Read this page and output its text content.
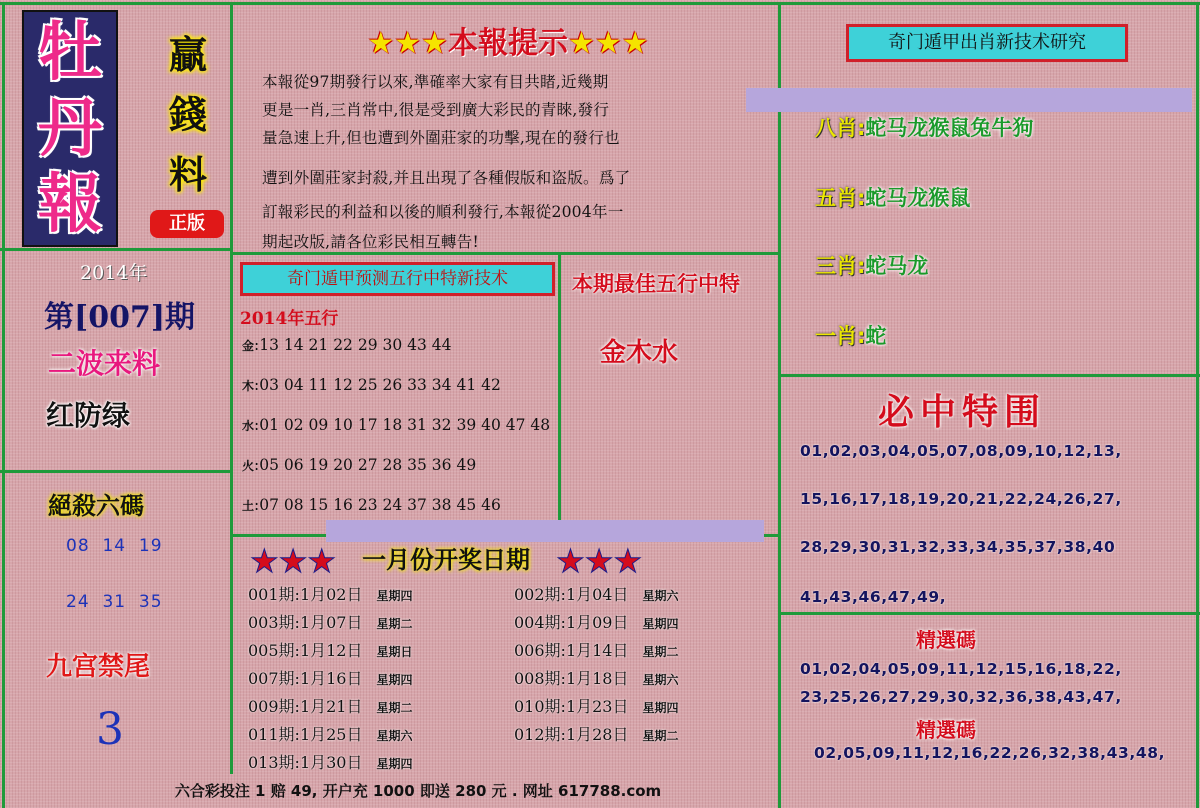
牡
丹
報
贏
錢
料
正版
★★★本報提示★★★
本報從97期發行以來,準確率大家有目共睹,近幾期
更是一肖,三肖常中,很是受到廣大彩民的青睞,發行
量急速上升,但也遭到外圍莊家的功擊,現在的發行也
遭到外圍莊家封殺,并且出現了各種假版和盗版。爲了
訂報彩民的利益和以後的順利發行,本報從2004年一
期起改版,請各位彩民相互轉告!
奇门遁甲出肖新技术研究
八肖:蛇马龙猴鼠兔牛狗
五肖:蛇马龙猴鼠
三肖:蛇马龙
一肖:蛇
2014年
第[007]期
二波来料
红防绿
絕殺六碼
08  14  19
24  31  35
九宫禁尾
3
奇门遁甲预测五行中特新技术
2014年五行
金:13 14 21 22 29 30 43 44
木:03 04 11 12 25 26 33 34 41 42
水:01 02 09 10 17 18 31 32 39 40 47 48
火:05 06 19 20 27 28 35 36 49
土:07 08 15 16 23 24 37 38 45 46
本期最佳五行中特
金木水
★★★ 一月份开奖日期 ★★★
001期:1月02日 星期四	002期:1月04日 星期六
003期:1月07日 星期二	004期:1月09日 星期四
005期:1月12日 星期日	006期:1月14日 星期二
007期:1月16日 星期四	008期:1月18日 星期六
009期:1月21日 星期二	010期:1月23日 星期四
011期:1月25日 星期六	012期:1月28日 星期二
013期:1月30日 星期四
必中特围
01,02,03,04,05,07,08,09,10,12,13,
15,16,17,18,19,20,21,22,24,26,27,
28,29,30,31,32,33,34,35,37,38,40
41,43,46,47,49,
精選碼
01,02,04,05,09,11,12,15,16,18,22,
23,25,26,27,29,30,32,36,38,43,47,
精選碼
02,05,09,11,12,16,22,26,32,38,43,48,
六合彩投注 1 赔 49, 开户充 1000 即送 280 元 . 网址 617788.com
